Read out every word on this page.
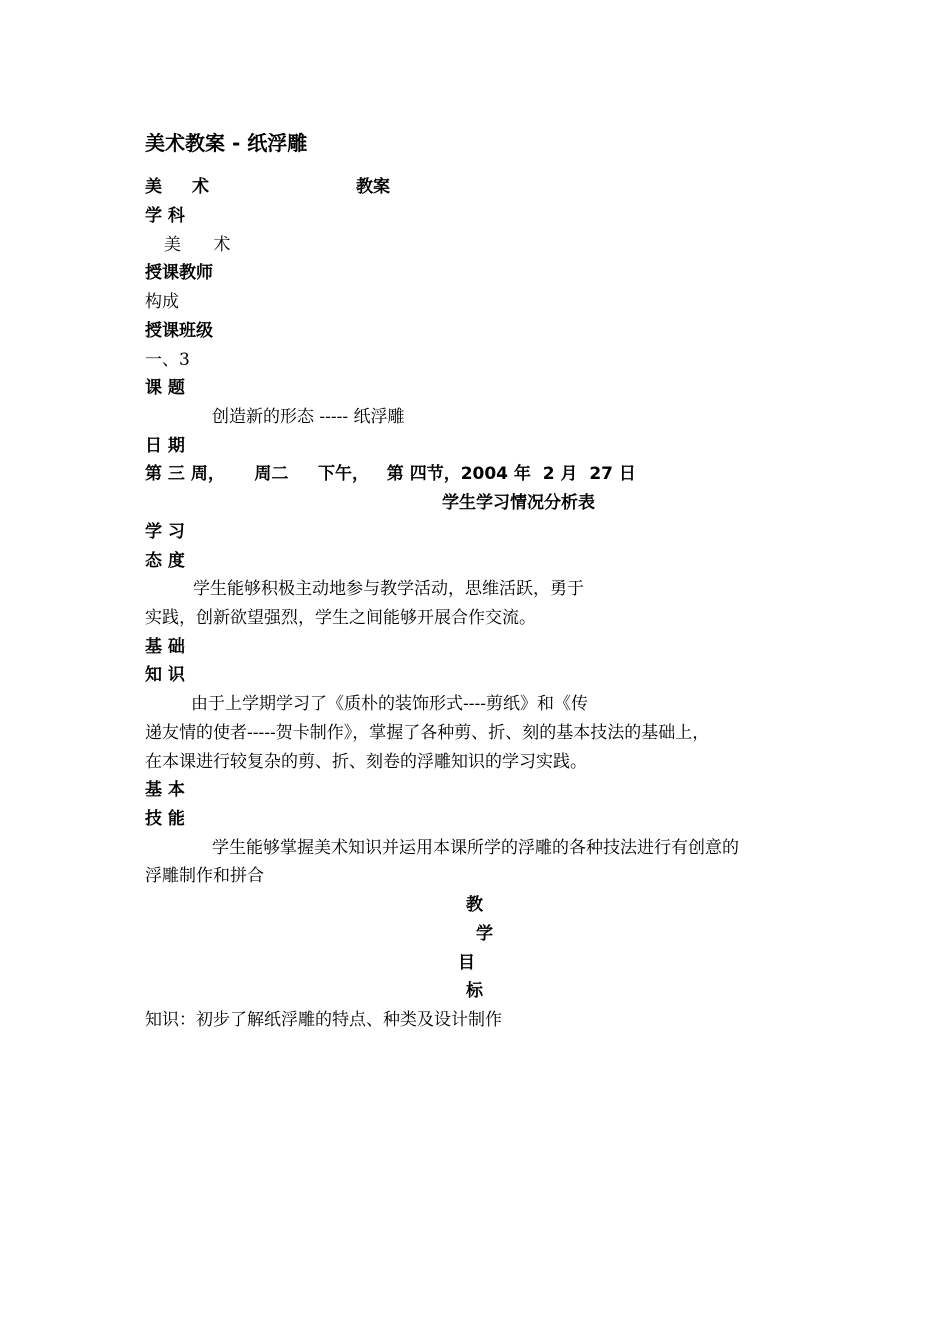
美术教案 - 纸浮雕
美 术	教案
学 科
美      术
授课教师
构成
授课班级
一、3
课 题
创造新的形态 ----- 纸浮雕
日 期
第 三 周，     周二     下午，   第 四节，2004 年  2 月  27 日
学生学习情况分析表
学 习
态 度
学生能够积极主动地参与教学活动，思维活跃，勇于
实践，创新欲望强烈，学生之间能够开展合作交流。
基 础
知 识
由于上学期学习了《质朴的装饰形式----剪纸》和《传
递友情的使者-----贺卡制作》，掌握了各种剪、折、刻的基本技法的基础上，
在本课进行较复杂的剪、折、刻卷的浮雕知识的学习实践。
基 本
技 能
学生能够掌握美术知识并运用本课所学的浮雕的各种技法进行有创意的
浮雕制作和拼合
教
学
目
标
知识：初步了解纸浮雕的特点、种类及设计制作
